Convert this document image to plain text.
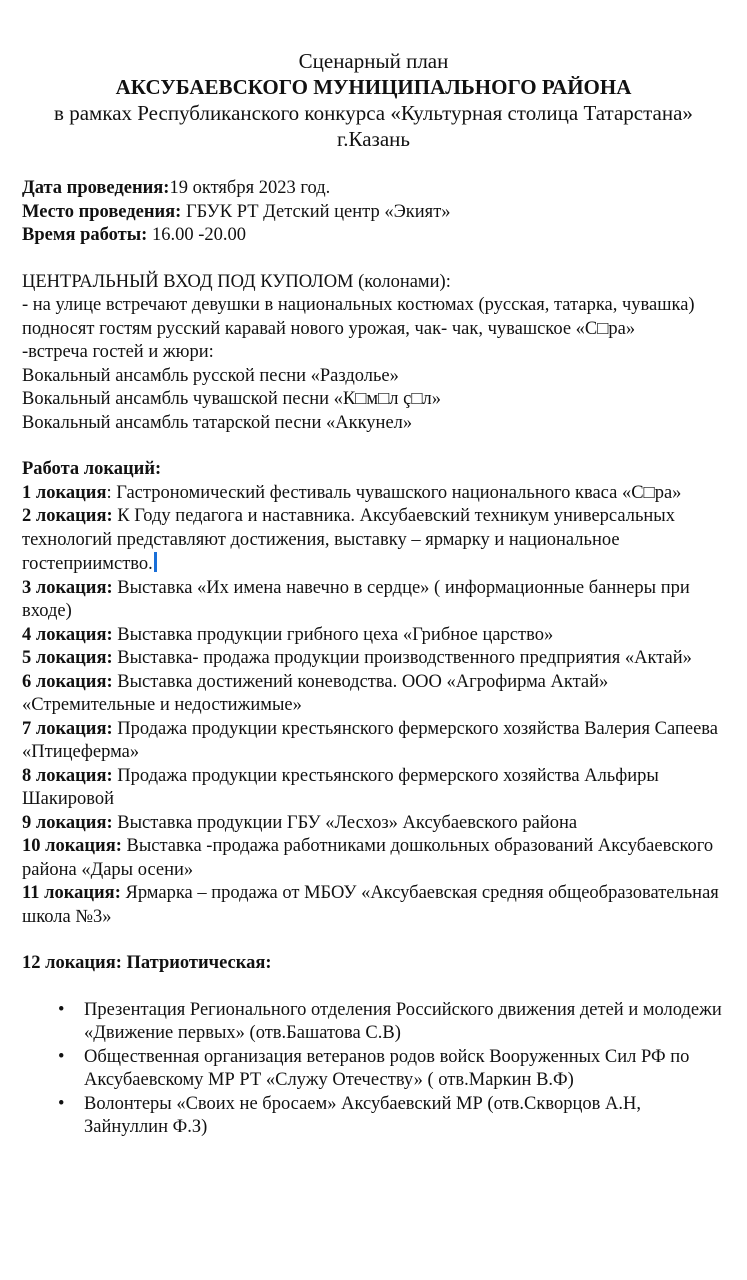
Сценарный план

АКСУБАЕВСКОГО МУНИЦИПАЛЬНОГО РАЙОНА

в рамках Республиканского конкурса «Культурная столица Татарстана»

г.Казань

Дата проведения:19 октября 2023 год.

Место проведения: ГБУК РТ Детский центр «Экият»

Время работы: 16.00 -20.00

ЦЕНТРАЛЬНЫЙ ВХОД ПОД КУПОЛОМ (колонами):

- на улице встречают девушки в национальных костюмах (русская, татарка, чувашка) подносят гостям русский каравай нового урожая, чак- чак, чувашское «С□ра»

-встреча гостей и жюри:

Вокальный ансамбль русской песни «Раздолье»

Вокальный ансамбль чувашской песни «К□м□л ç□л»

Вокальный ансамбль татарской песни «Аккунел»

Работа локаций:

1 локация: Гастрономический фестиваль чувашского национального кваса «С□ра»

2 локация: К Году педагога и наставника. Аксубаевский техникум универсальных технологий представляют достижения, выставку – ярмарку и национальное гостеприимство.

3 локация: Выставка «Их имена навечно в сердце» ( информационные баннеры при входе)

4 локация: Выставка продукции грибного цеха «Грибное царство»

5 локация: Выставка- продажа продукции производственного предприятия «Актай»

6 локация: Выставка достижений коневодства. ООО «Агрофирма Актай» «Стремительные и недостижимые»

7 локация: Продажа продукции крестьянского фермерского хозяйства Валерия Сапеева «Птицеферма»

8 локация: Продажа продукции крестьянского фермерского хозяйства Альфиры Шакировой

9 локация: Выставка продукции ГБУ «Лесхоз» Аксубаевского района

10 локация: Выставка -продажа работниками дошкольных образований Аксубаевского района «Дары осени»

11 локация: Ярмарка – продажа от МБОУ «Аксубаевская средняя общеобразовательная школа №3»

12 локация: Патриотическая:

• Презентация Регионального отделения Российского движения детей и молодежи «Движение первых» (отв.Башатова С.В)
• Общественная организация ветеранов родов войск Вооруженных Сил РФ по Аксубаевскому МР РТ «Служу Отечеству» ( отв.Маркин В.Ф)
• Волонтеры «Своих не бросаем» Аксубаевский МР (отв.Скворцов А.Н, Зайнуллин Ф.З)
